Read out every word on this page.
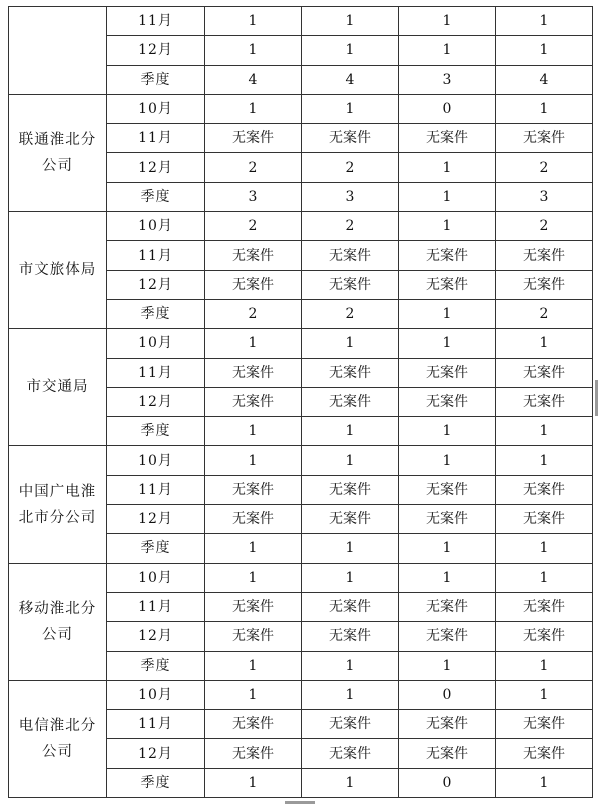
	11月	1	1	1	1
	12月	1	1	1	1
	季度	4	4	3	4
联通淮北分公司	10月	1	1	0	1
	11月	无案件	无案件	无案件	无案件
	12月	2	2	1	2
	季度	3	3	1	3
市文旅体局	10月	2	2	1	2
	11月	无案件	无案件	无案件	无案件
	12月	无案件	无案件	无案件	无案件
	季度	2	2	1	2
市交通局	10月	1	1	1	1
	11月	无案件	无案件	无案件	无案件
	12月	无案件	无案件	无案件	无案件
	季度	1	1	1	1
中国广电淮北市分公司	10月	1	1	1	1
	11月	无案件	无案件	无案件	无案件
	12月	无案件	无案件	无案件	无案件
	季度	1	1	1	1
移动淮北分公司	10月	1	1	1	1
	11月	无案件	无案件	无案件	无案件
	12月	无案件	无案件	无案件	无案件
	季度	1	1	1	1
电信淮北分公司	10月	1	1	0	1
	11月	无案件	无案件	无案件	无案件
	12月	无案件	无案件	无案件	无案件
	季度	1	1	0	1
